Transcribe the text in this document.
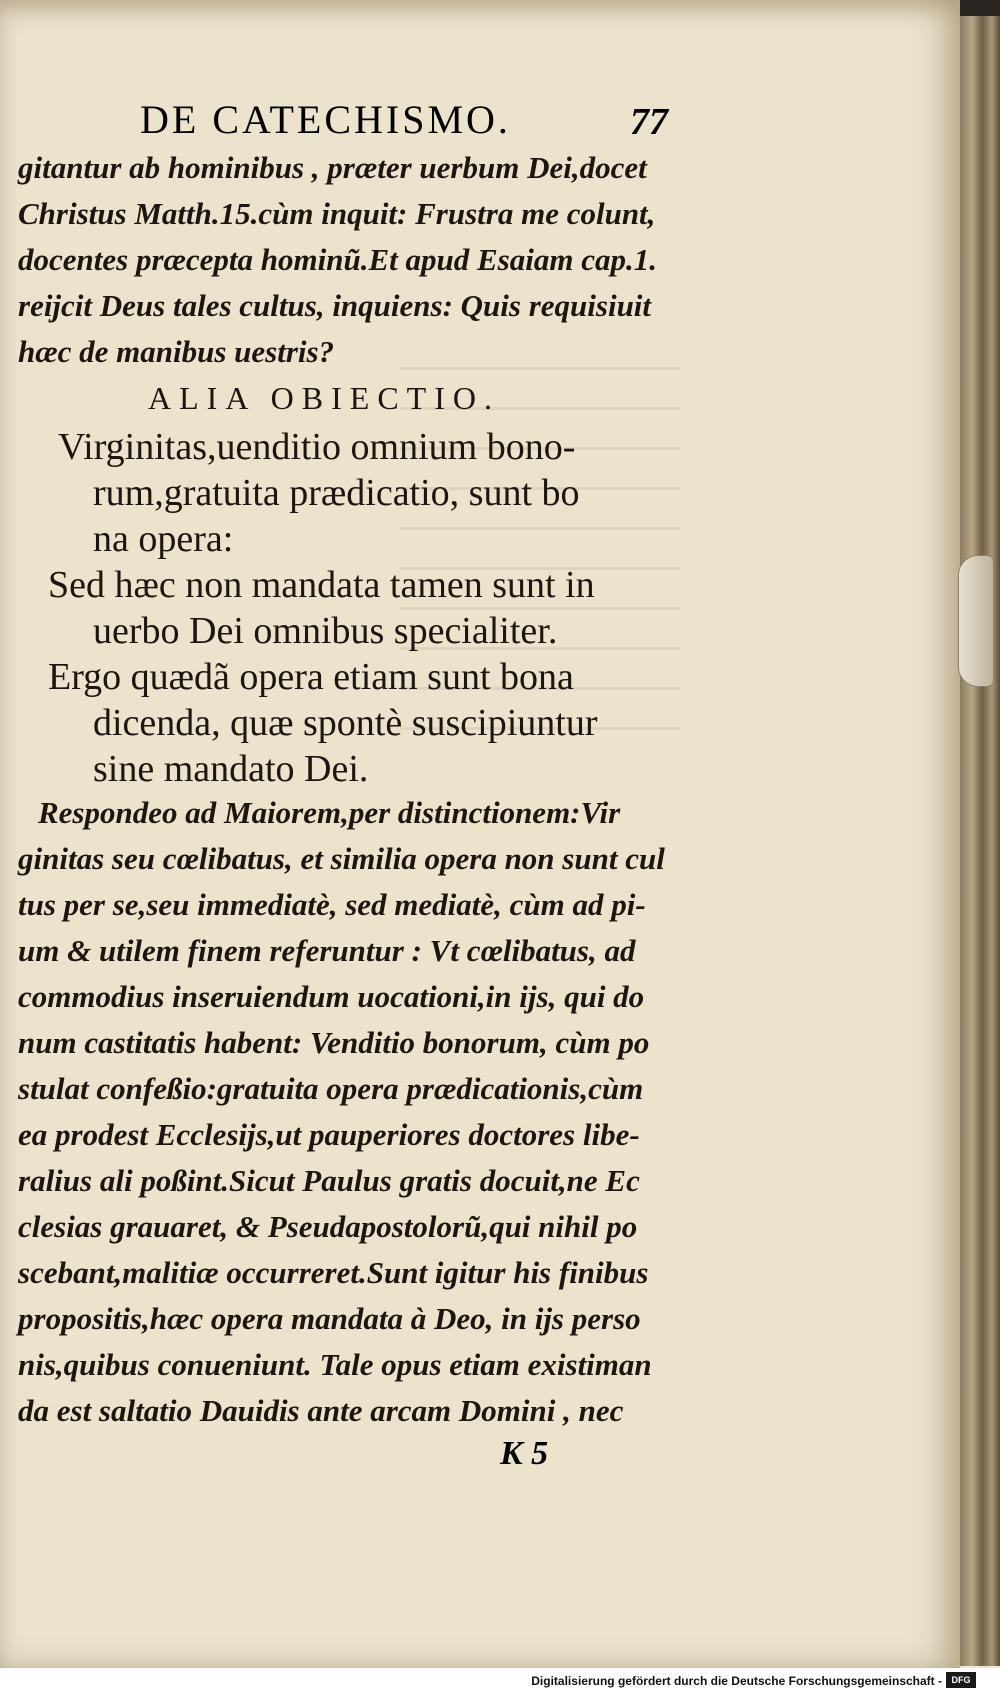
DE CATECHISMO.	77
gitantur ab hominibus , præter uerbum Dei,docet
Christus Matth.15.cùm inquit: Frustra me colunt,
docentes præcepta hominũ.Et apud Esaiam cap.1.
reijcit Deus tales cultus, inquiens: Quis requisiuit
hæc de manibus uestris?
ALIA OBIECTIO.
Virginitas,uenditio omnium bono-
rum,gratuita prædicatio, sunt bo
na opera:
Sed hæc non mandata tamen sunt in
uerbo Dei omnibus specialiter.
Ergo quædã opera etiam sunt bona
dicenda, quæ spontè suscipiuntur
sine mandato Dei.
Respondeo ad Maiorem,per distinctionem:Vir
ginitas seu cœlibatus, et similia opera non sunt cul
tus per se,seu immediatè, sed mediatè, cùm ad pi-
um & utilem finem referuntur : Vt cœlibatus, ad
commodius inseruiendum uocationi,in ijs, qui do
num castitatis habent: Venditio bonorum, cùm po
stulat confeßio:gratuita opera prædicationis,cùm
ea prodest Ecclesijs,ut pauperiores doctores libe-
ralius ali poßint.Sicut Paulus gratis docuit,ne Ec
clesias grauaret, & Pseudapostolorũ,qui nihil po
scebant,malitiæ occurreret.Sunt igitur his finibus
propositis,hæc opera mandata à Deo, in ijs perso
nis,quibus conueniunt. Tale opus etiam existiman
da est saltatio Dauidis ante arcam Domini , nec
K 5
Digitalisierung gefördert durch die Deutsche Forschungsgemeinschaft -	DFG
